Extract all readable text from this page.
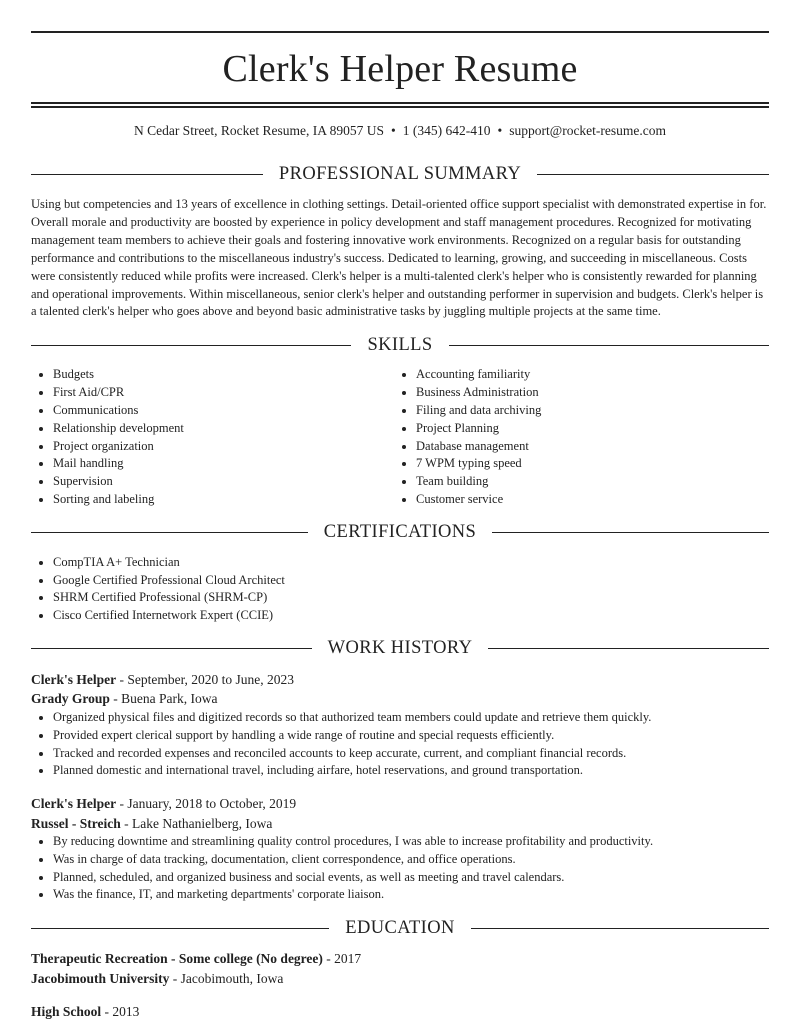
Clerk's Helper Resume
N Cedar Street, Rocket Resume, IA 89057 US • 1 (345) 642-410 • support@rocket-resume.com
PROFESSIONAL SUMMARY
Using but competencies and 13 years of excellence in clothing settings. Detail-oriented office support specialist with demonstrated expertise in for. Overall morale and productivity are boosted by experience in policy development and staff management procedures. Recognized for motivating management team members to achieve their goals and fostering innovative work environments. Recognized on a regular basis for outstanding performance and contributions to the miscellaneous industry's success. Dedicated to learning, growing, and succeeding in miscellaneous. Costs were consistently reduced while profits were increased. Clerk's helper is a multi-talented clerk's helper who is consistently rewarded for planning and operational improvements. Within miscellaneous, senior clerk's helper and outstanding performer in supervision and budgets. Clerk's helper is a talented clerk's helper who goes above and beyond basic administrative tasks by juggling multiple projects at the same time.
SKILLS
• Budgets
• First Aid/CPR
• Communications
• Relationship development
• Project organization
• Mail handling
• Supervision
• Sorting and labeling
• Accounting familiarity
• Business Administration
• Filing and data archiving
• Project Planning
• Database management
• 7 WPM typing speed
• Team building
• Customer service
CERTIFICATIONS
• CompTIA A+ Technician
• Google Certified Professional Cloud Architect
• SHRM Certified Professional (SHRM-CP)
• Cisco Certified Internetwork Expert (CCIE)
WORK HISTORY
Clerk's Helper - September, 2020 to June, 2023
Grady Group - Buena Park, Iowa
• Organized physical files and digitized records so that authorized team members could update and retrieve them quickly.
• Provided expert clerical support by handling a wide range of routine and special requests efficiently.
• Tracked and recorded expenses and reconciled accounts to keep accurate, current, and compliant financial records.
• Planned domestic and international travel, including airfare, hotel reservations, and ground transportation.
Clerk's Helper - January, 2018 to October, 2019
Russel - Streich - Lake Nathanielberg, Iowa
• By reducing downtime and streamlining quality control procedures, I was able to increase profitability and productivity.
• Was in charge of data tracking, documentation, client correspondence, and office operations.
• Planned, scheduled, and organized business and social events, as well as meeting and travel calendars.
• Was the finance, IT, and marketing departments' corporate liaison.
EDUCATION
Therapeutic Recreation - Some college (No degree) - 2017
Jacobimouth University - Jacobimouth, Iowa
High School - 2013
